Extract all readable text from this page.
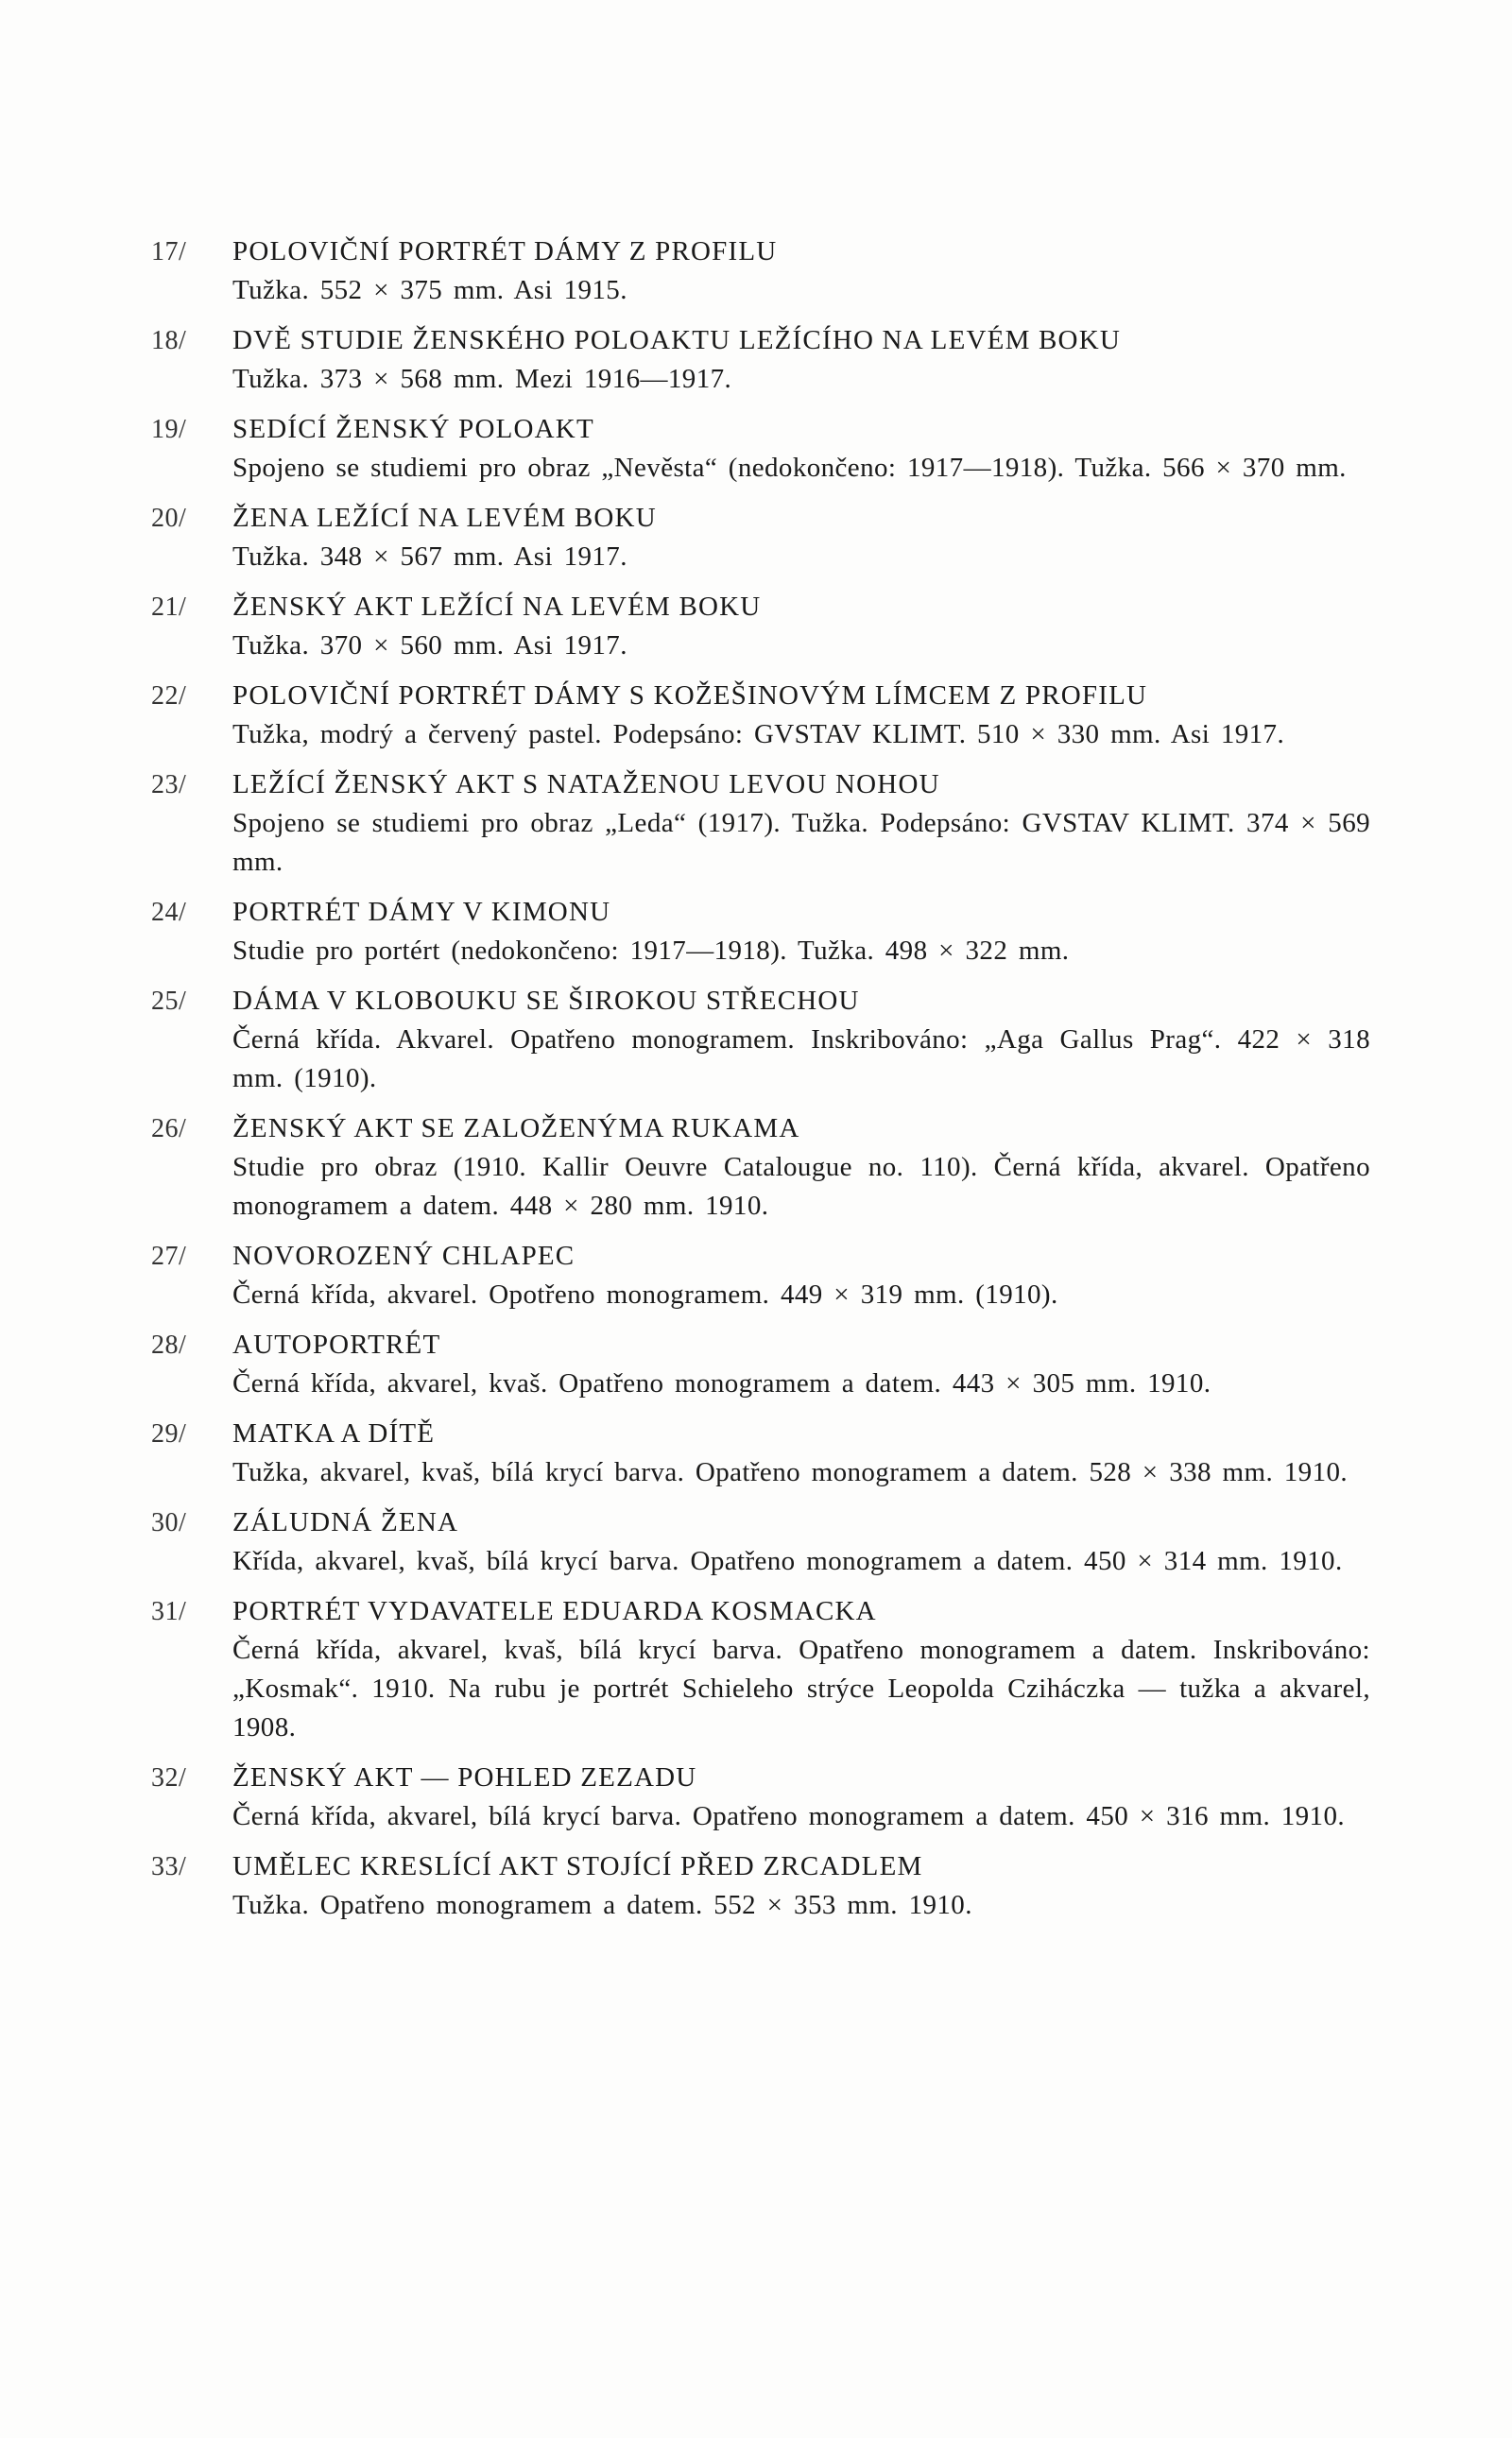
17/ POLOVIČNÍ PORTRÉT DÁMY Z PROFILU
Tužka. 552 × 375 mm. Asi 1915.
18/ DVĚ STUDIE ŽENSKÉHO POLOAKTU LEŽÍCÍHO NA LEVÉM BOKU
Tužka. 373 × 568 mm. Mezi 1916—1917.
19/ SEDÍCÍ ŽENSKÝ POLOAKT
Spojeno se studiemi pro obraz „Nevěsta“ (nedokončeno: 1917—1918). Tužka. 566 × 370 mm.
20/ ŽENA LEŽÍCÍ NA LEVÉM BOKU
Tužka. 348 × 567 mm. Asi 1917.
21/ ŽENSKÝ AKT LEŽÍCÍ NA LEVÉM BOKU
Tužka. 370 × 560 mm. Asi 1917.
22/ POLOVIČNÍ PORTRÉT DÁMY S KOŽEŠINOVÝM LÍMCEM Z PROFILU
Tužka, modrý a červený pastel. Podepsáno: GVSTAV KLIMT. 510 × 330 mm. Asi 1917.
23/ LEŽÍCÍ ŽENSKÝ AKT S NATAŽENOU LEVOU NOHOU
Spojeno se studiemi pro obraz „Leda“ (1917). Tužka. Podepsáno: GVSTAV KLIMT. 374 × 569 mm.
24/ PORTRÉT DÁMY V KIMONU
Studie pro portért (nedokončeno: 1917—1918). Tužka. 498 × 322 mm.
25/ DÁMA V KLOBOUKU SE ŠIROKOU STŘECHOU
Černá křída. Akvarel. Opatřeno monogramem. Inskribováno: „Aga Gallus Prag“. 422 × 318 mm. (1910).
26/ ŽENSKÝ AKT SE ZALOŽENÝMA RUKAMA
Studie pro obraz (1910. Kallir Oeuvre Catalougue no. 110). Černá křída, akvarel. Opatřeno monogramem a datem. 448 × 280 mm. 1910.
27/ NOVOROZENÝ CHLAPEC
Černá křída, akvarel. Opotřeno monogramem. 449 × 319 mm. (1910).
28/ AUTOPORTRÉT
Černá křída, akvarel, kvaš. Opatřeno monogramem a datem. 443 × 305 mm. 1910.
29/ MATKA A DÍTĚ
Tužka, akvarel, kvaš, bílá krycí barva. Opatřeno monogramem a datem. 528 × 338 mm. 1910.
30/ ZÁLUDNÁ ŽENA
Křída, akvarel, kvaš, bílá krycí barva. Opatřeno monogramem a datem. 450 × 314 mm. 1910.
31/ PORTRÉT VYDAVATELE EDUARDA KOSMACKA
Černá křída, akvarel, kvaš, bílá krycí barva. Opatřeno monogramem a datem. Inskribováno: „Kosmak“. 1910. Na rubu je portrét Schieleho strýce Leopolda Cziháczka — tužka a akvarel, 1908.
32/ ŽENSKÝ AKT — POHLED ZEZADU
Černá křída, akvarel, bílá krycí barva. Opatřeno monogramem a datem. 450 × 316 mm. 1910.
33/ UMĚLEC KRESLÍCÍ AKT STOJÍCÍ PŘED ZRCADLEM
Tužka. Opatřeno monogramem a datem. 552 × 353 mm. 1910.
